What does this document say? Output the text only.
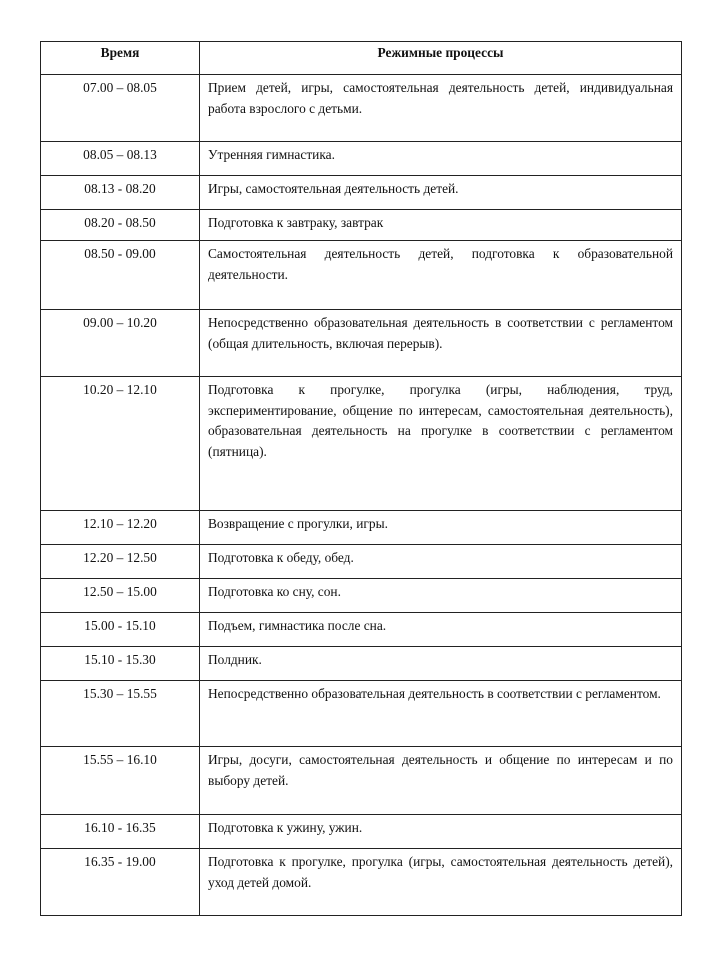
Время	Режимные процессы
07.00 – 08.05	Прием детей, игры, самостоятельная деятельность детей, индивидуальная работа взрослого с детьми.
08.05 – 08.13	Утренняя гимнастика.
08.13 - 08.20	Игры, самостоятельная деятельность детей.
08.20 - 08.50	Подготовка к завтраку, завтрак
08.50 - 09.00	Самостоятельная деятельность детей, подготовка к образовательной деятельности.
09.00 – 10.20	Непосредственно образовательная деятельность в соответствии с регламентом (общая длительность, включая перерыв).
10.20 – 12.10	Подготовка к прогулке, прогулка (игры, наблюдения, труд, экспериментирование, общение по интересам, самостоятельная деятельность), образовательная деятельность на прогулке в соответствии с регламентом (пятница).
12.10 – 12.20	Возвращение с прогулки, игры.
12.20 – 12.50	Подготовка к обеду, обед.
12.50 – 15.00	Подготовка ко сну, сон.
15.00 - 15.10	Подъем, гимнастика после сна.
15.10 - 15.30	Полдник.
15.30 – 15.55	Непосредственно образовательная деятельность в соответствии с регламентом.
15.55 – 16.10	Игры, досуги, самостоятельная деятельность и общение по интересам и по выбору детей.
16.10 - 16.35	Подготовка к ужину, ужин.
16.35 - 19.00	Подготовка к прогулке, прогулка (игры, самостоятельная деятельность детей), уход детей домой.
